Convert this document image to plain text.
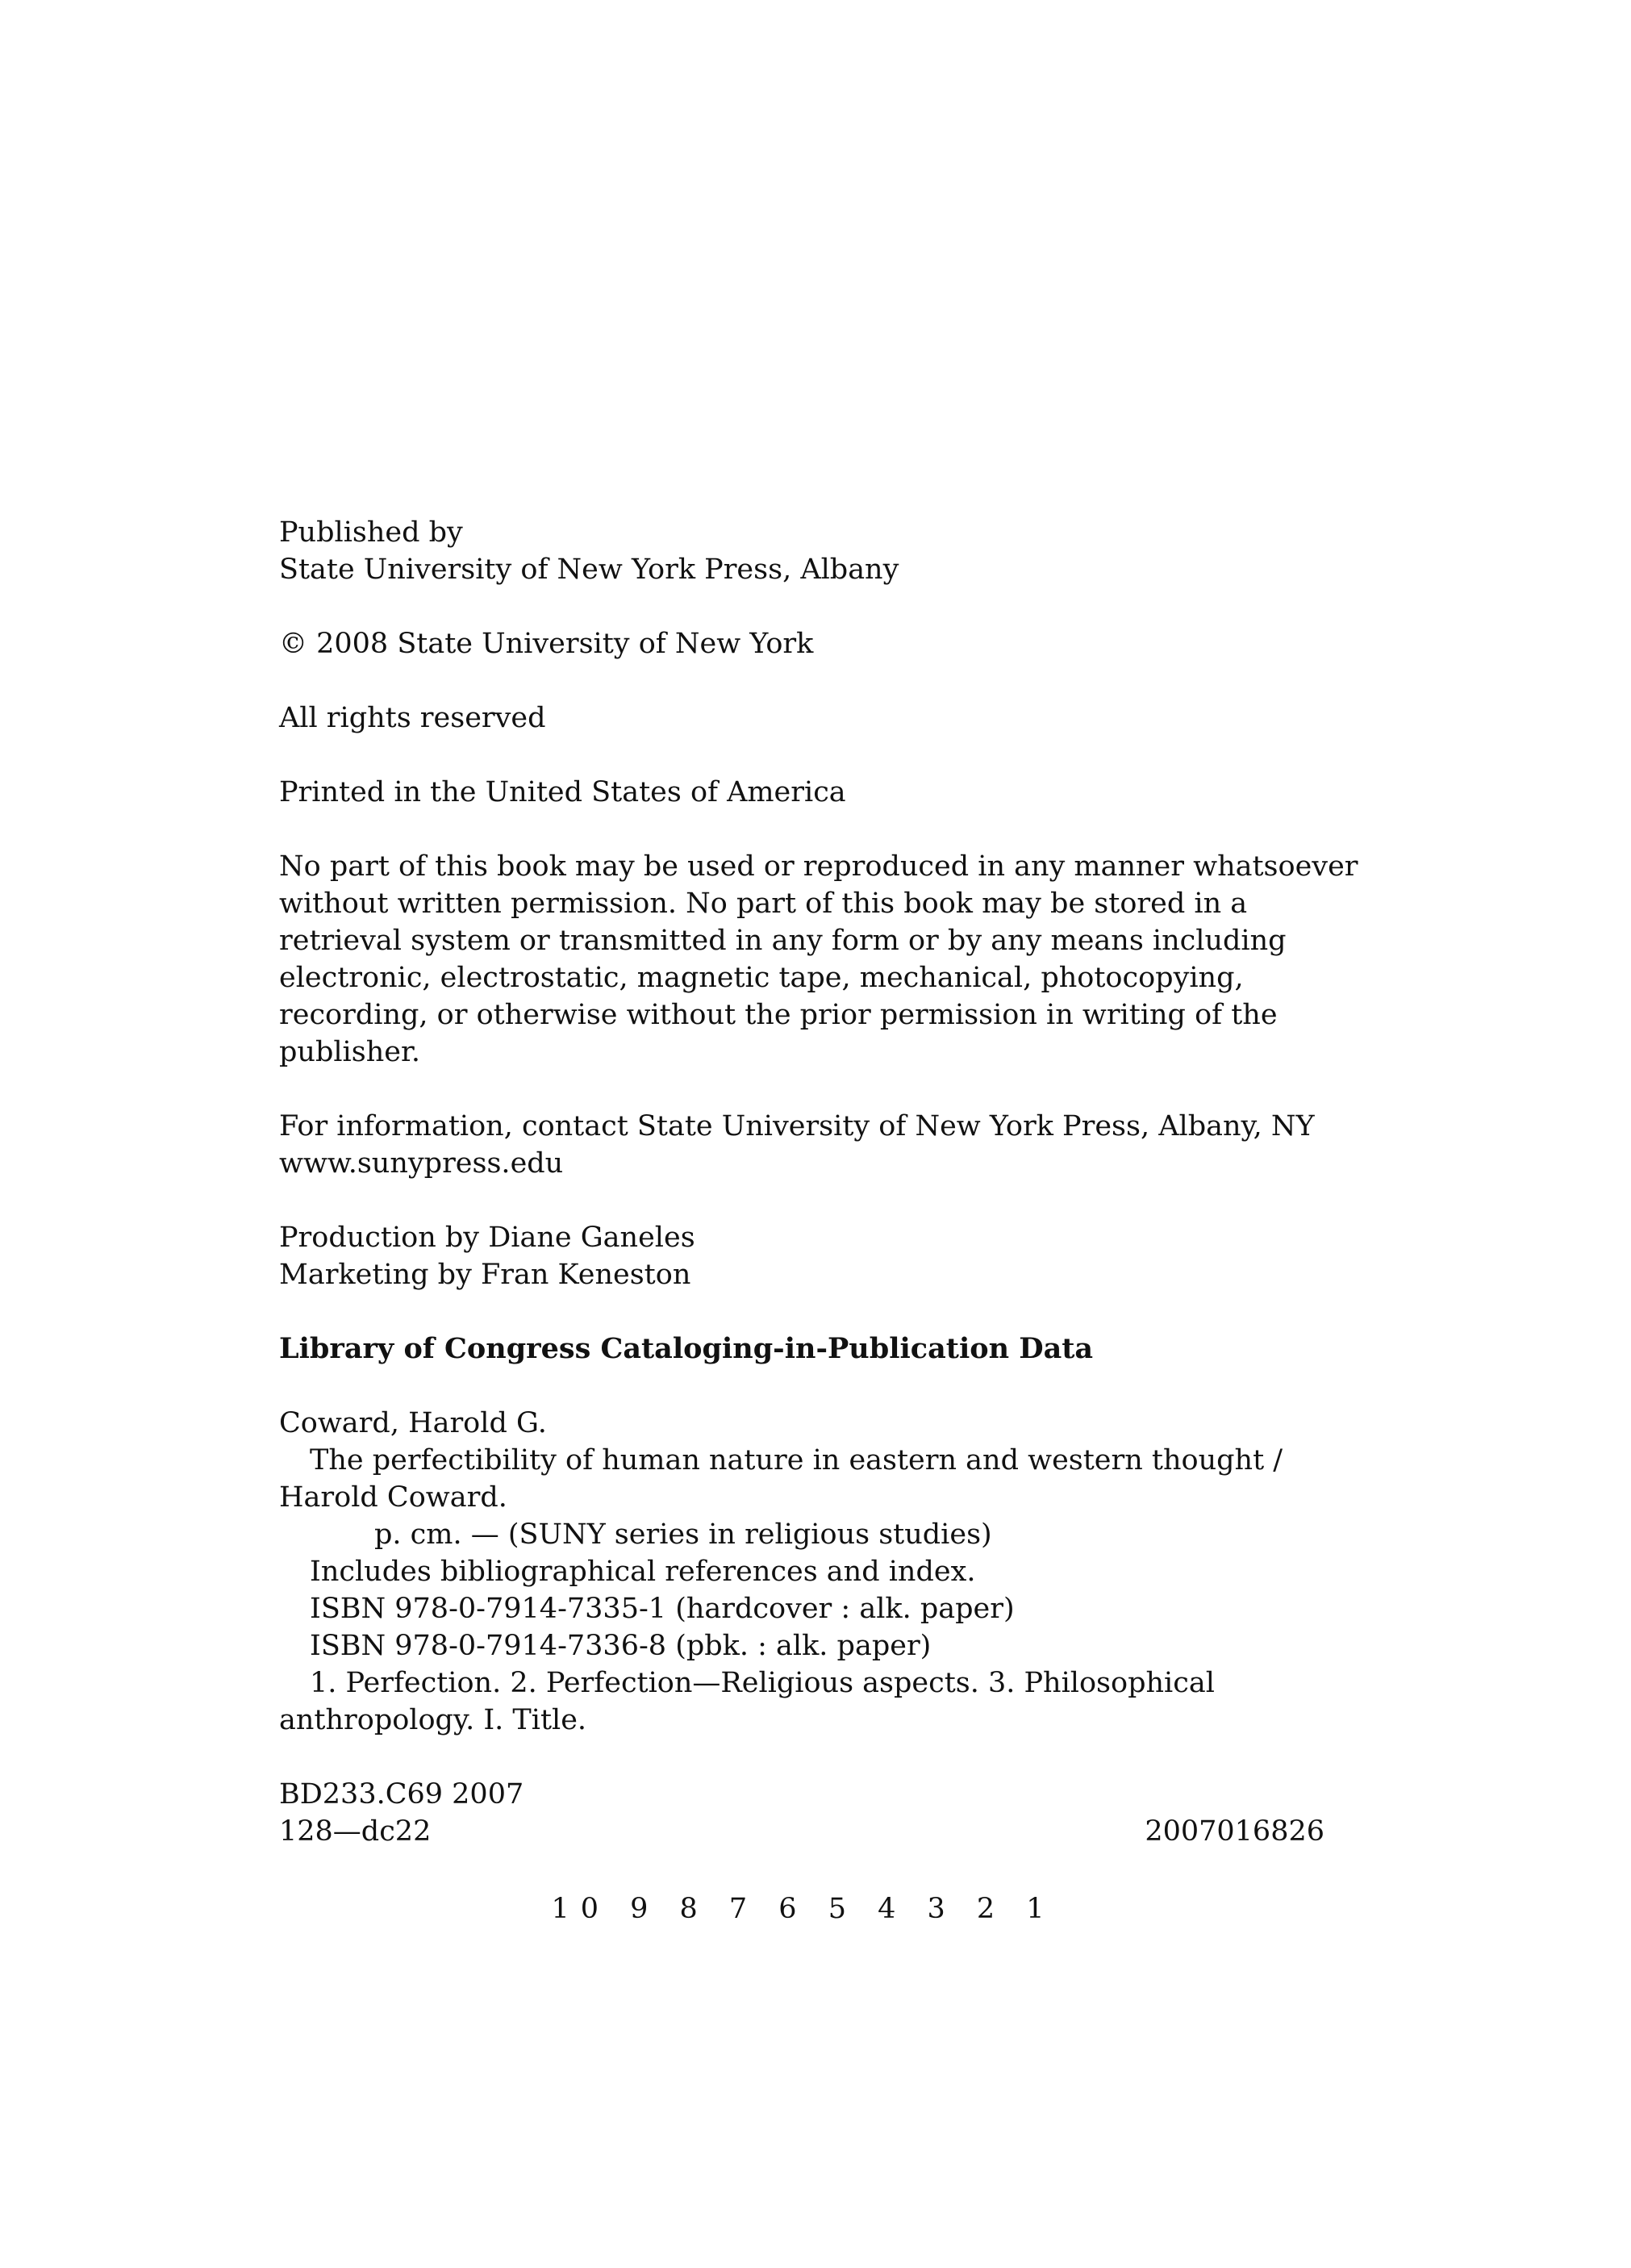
Published by
State University of New York Press, Albany
© 2008 State University of New York
All rights reserved
Printed in the United States of America
No part of this book may be used or reproduced in any manner whatsoever
without written permission. No part of this book may be stored in a
retrieval system or transmitted in any form or by any means including
electronic, electrostatic, magnetic tape, mechanical, photocopying,
recording, or otherwise without the prior permission in writing of the
publisher.
For information, contact State University of New York Press, Albany, NY
www.sunypress.edu
Production by Diane Ganeles
Marketing by Fran Keneston
Library of Congress Cataloging-in-Publication Data
Coward, Harold G.
The perfectibility of human nature in eastern and western thought /
Harold Coward.
p. cm. — (SUNY series in religious studies)
Includes bibliographical references and index.
ISBN 978-0-7914-7335-1 (hardcover : alk. paper)
ISBN 978-0-7914-7336-8 (pbk. : alk. paper)
1. Perfection. 2. Perfection—Religious aspects. 3. Philosophical
anthropology. I. Title.
BD233.C69 2007
128—dc22	2007016826
10 9 8 7 6 5 4 3 2 1
